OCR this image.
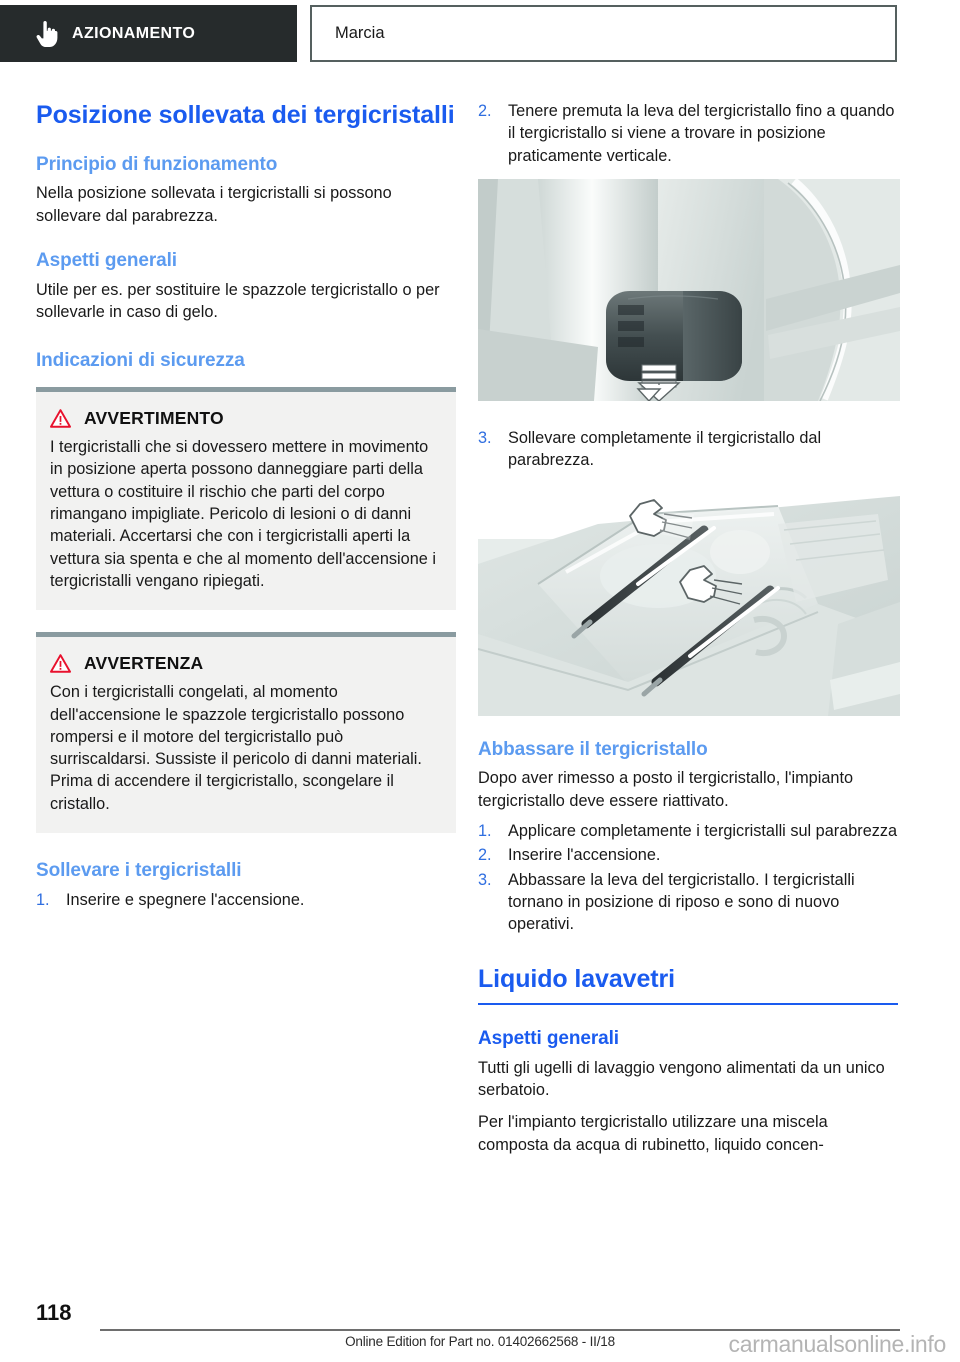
AZIONAMENTO	Marcia
Posizione sollevata dei tergicristalli
Principio di funzionamento

Nella posizione sollevata i tergicristalli si possono sollevare dal parabrezza.

Aspetti generali

Utile per es. per sostituire le spazzole tergicristallo o per sollevarle in caso di gelo.

Indicazioni di sicurezza
AVVERTIMENTO

I tergicristalli che si dovessero mettere in movimento in posizione aperta possono danneggiare parti della vettura o costituire il rischio che parti del corpo rimangano impigliate. Pericolo di lesioni o di danni materiali. Accertarsi che con i tergicristalli aperti la vettura sia spenta e che al momento dell'accensione i tergicristalli vengano ripiegati.

AVVERTENZA

Con i tergicristalli congelati, al momento dell'accensione le spazzole tergicristallo possono rompersi e il motore del tergicristallo può surriscaldarsi. Sussiste il pericolo di danni materiali. Prima di accendere il tergicristallo, scongelare il cristallo.

Sollevare i tergicristalli
1. Inserire e spegnere l'accensione.
2. Tenere premuta la leva del tergicristallo fino a quando il tergicristallo si viene a trovare in posizione praticamente verticale.
3. Sollevare completamente il tergicristallo dal parabrezza.
Abbassare il tergicristallo

Dopo aver rimesso a posto il tergicristallo, l'impianto tergicristallo deve essere riattivato.

1. Applicare completamente i tergicristalli sul parabrezza
2. Inserire l'accensione.
3. Abbassare la leva del tergicristallo. I tergicristalli tornano in posizione di riposo e sono di nuovo operativi.
Liquido lavavetri
Aspetti generali

Tutti gli ugelli di lavaggio vengono alimentati da un unico serbatoio.

Per l'impianto tergicristallo utilizzare una miscela composta da acqua di rubinetto, liquido concen-

118
Online Edition for Part no. 01402662568 - II/18	carmanualsonline.info
